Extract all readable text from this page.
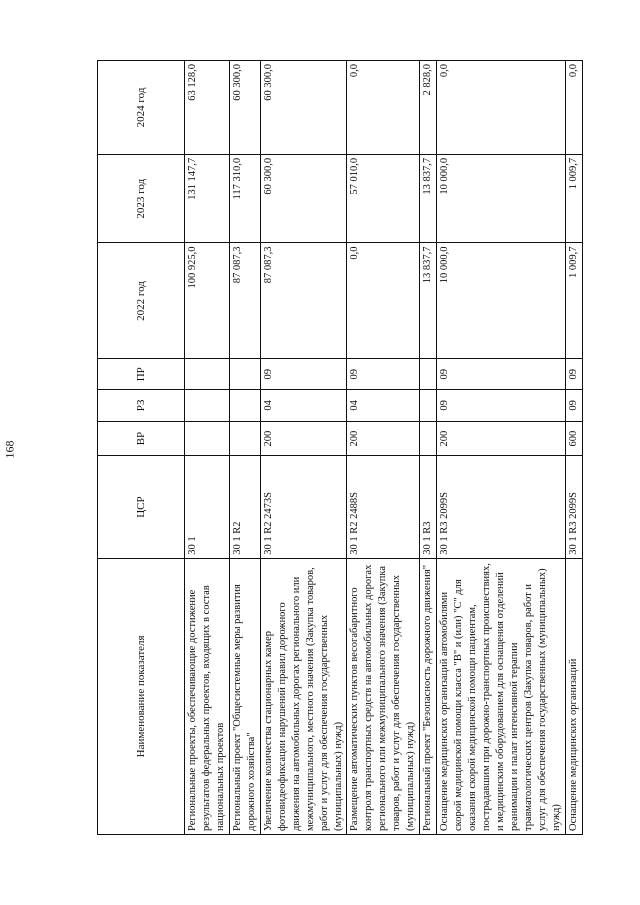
168
Наименование показателя	ЦСР	ВР	РЗ	ПР	2022 год	2023 год	2024 год
Региональные проекты, обеспечивающие достижение результатов федеральных проектов, входящих в состав национальных проектов	30 1				100 925,0	131 147,7	63 128,0
Региональный проект "Общесистемные меры развития дорожного хозяйства"	30 1 R2				87 087,3	117 310,0	60 300,0
Увеличение количества стационарных камер фотовидеофиксации нарушений правил дорожного движения на автомобильных дорогах регионального или межмуниципального, местного значения (Закупка товаров, работ и услуг для обеспечения государственных (муниципальных) нужд)	30 1 R2 2473S	200	04	09	87 087,3	60 300,0	60 300,0
Размещение автоматических пунктов весогабаритного контроля транспортных средств на автомобильных дорогах регионального или межмуниципального значения (Закупка товаров, работ и услуг для обеспечения государственных (муниципальных) нужд)	30 1 R2 2488S	200	04	09	0,0	57 010,0	0,0
Региональный проект "Безопасность дорожного движения"	30 1 R3				13 837,7	13 837,7	2 828,0
Оснащение медицинских организаций автомобилями скорой медицинской помощи класса "В" и (или) "С" для оказания скорой медицинской помощи пациентам, пострадавшим при дорожно-транспортных происшествиях, и медицинским оборудованием для оснащения отделений реанимации и палат интенсивной терапии травматологических центров (Закупка товаров, работ и услуг для обеспечения государственных (муниципальных) нужд)	30 1 R3 2099S	200	09	09	10 000,0	10 000,0	0,0
Оснащение медицинских организаций	30 1 R3 2099S	600	09	09	1 009,7	1 009,7	0,0
